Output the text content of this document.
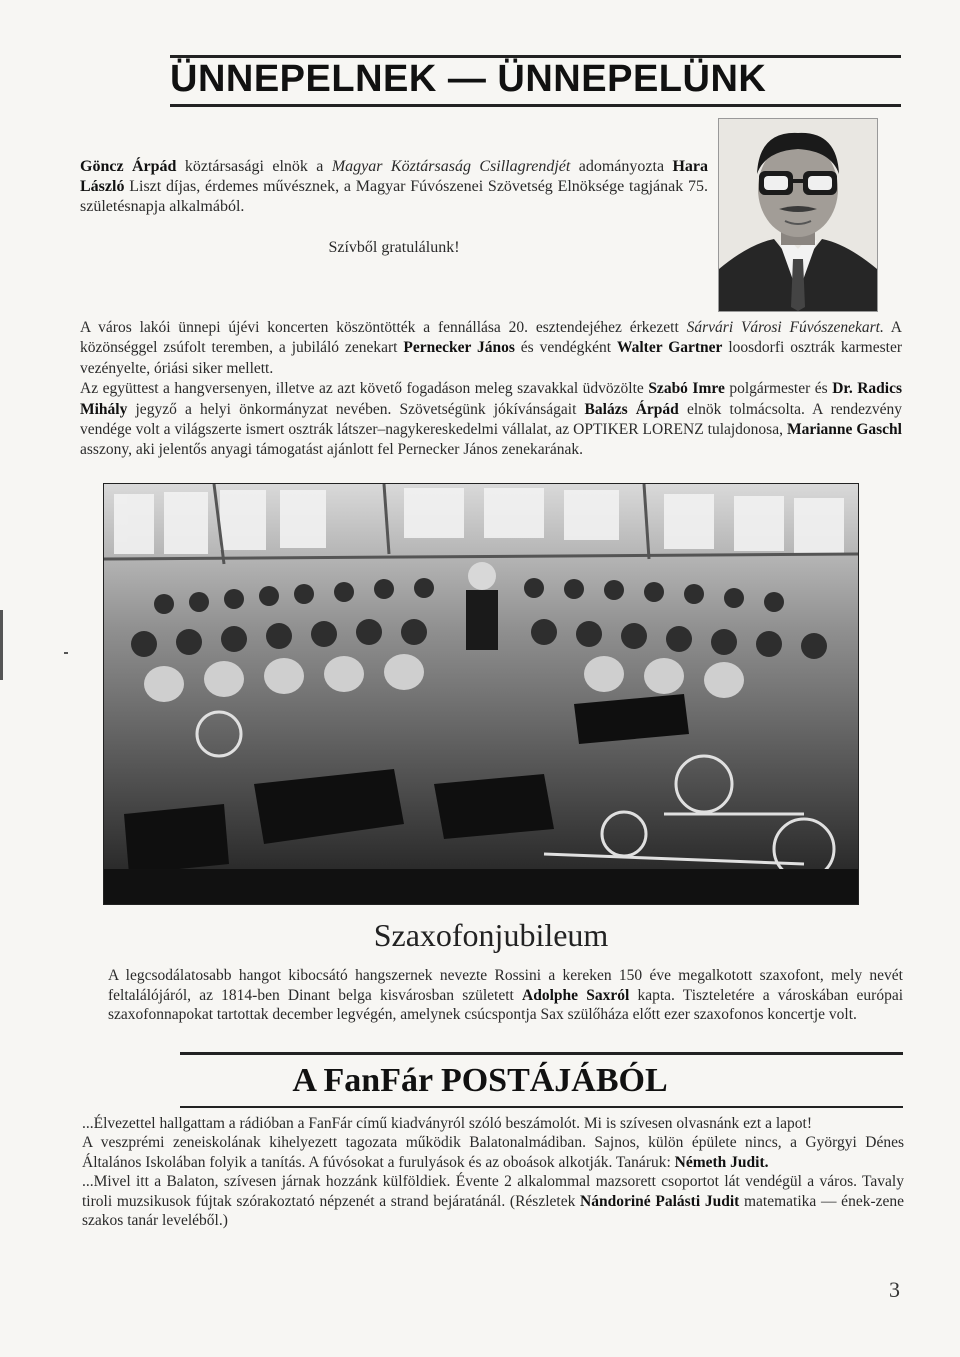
ÜNNEPELNEK — ÜNNEPELÜNK

Göncz Árpád köztársasági elnök a Magyar Köztársaság Csillagrendjét adományozta Hara László Liszt díjas, érdemes művésznek, a Magyar Fúvószenei Szövetség Elnöksége tagjának 75. születésnapja alkalmából.

Szívből gratulálunk!

A város lakói ünnepi újévi koncerten köszöntötték a fennállása 20. esztendejéhez érkezett Sárvári Városi Fúvószenekart. A közönséggel zsúfolt teremben, a jubiláló zenekart Pernecker János és vendégként Walter Gartner loosdorfi osztrák karmester vezényelte, óriási siker mellett.
Az együttest a hangversenyen, illetve az azt követő fogadáson meleg szavakkal üdvözölte Szabó Imre polgármester és Dr. Radics Mihály jegyző a helyi önkormányzat nevében. Szövetségünk jókívánságait Balázs Árpád elnök tolmácsolta. A rendezvény vendége volt a világszerte ismert osztrák látszer–nagykereskedelmi vállalat, az OPTIKER LORENZ tulajdonosa, Marianne Gaschl asszony, aki jelentős anyagi támogatást ajánlott fel Pernecker János zenekarának.

Szaxofonjubileum

A legcsodálatosabb hangot kibocsátó hangszernek nevezte Rossini a kereken 150 éve megalkotott szaxofont, mely nevét feltalálójáról, az 1814-ben Dinant belga kisvárosban született Adolphe Saxról kapta. Tiszteletére a városkában európai szaxofonnapokat tartottak december legvégén, amelynek csúcspontja Sax szülőháza előtt ezer szaxofonos koncertje volt.

A FanFár POSTÁJÁBÓL

...Élvezettel hallgattam a rádióban a FanFár című kiadványról szóló beszámolót. Mi is szívesen olvasnánk ezt a lapot!
A veszprémi zeneiskolának kihelyezett tagozata működik Balatonalmádiban. Sajnos, külön épülete nincs, a Györgyi Dénes Általános Iskolában folyik a tanítás. A fúvósokat a furulyások és az oboások alkotják. Tanáruk: Németh Judit.
...Mivel itt a Balaton, szívesen járnak hozzánk külföldiek. Évente 2 alkalommal mazsorett csoportot lát vendégül a város. Tavaly tiroli muzsikusok fújtak szórakoztató népzenét a strand bejáratánál. (Részletek Nándoriné Palásti Judit matematika — ének-zene szakos tanár leveléből.)

3
